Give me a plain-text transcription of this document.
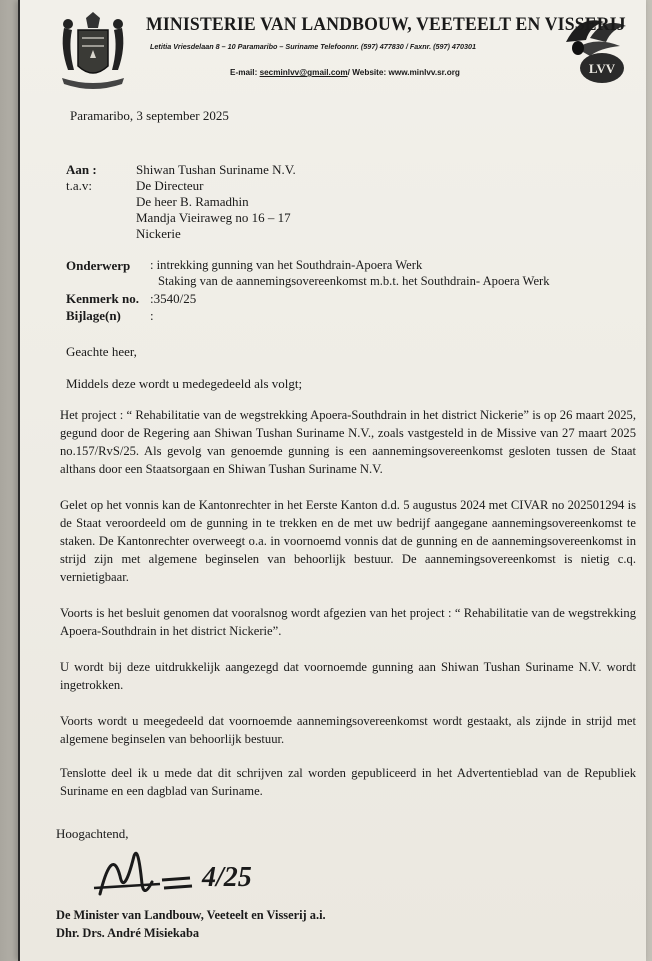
LVV
MINISTERIE VAN LANDBOUW, VEETEELT EN VISSERIJ
Letitia Vriesdelaan 8 – 10 Paramaribo – Suriname Telefoonnr. (597) 477830 / Faxnr. (597) 470301
E-mail: secminlvv@gmail.com/ Website: www.minlvv.sr.org
Paramaribo, 3 september 2025
Aan :	Shiwan Tushan Suriname N.V.
t.a.v:	De Directeur
De heer B. Ramadhin
Mandja Vieiraweg no 16 – 17
Nickerie
Onderwerp : intrekking gunning van het Southdrain-Apoera Werk
Staking van de aannemingsovereenkomst m.b.t. het Southdrain- Apoera Werk
Kenmerk no. :3540/25
Bijlage(n) :
Geachte heer,
Middels deze wordt u medegedeeld als volgt;
Het project : “ Rehabilitatie van de wegstrekking Apoera-Southdrain in het district Nickerie” is op 26 maart 2025, gegund door de Regering aan Shiwan Tushan Suriname N.V., zoals vastgesteld in de Missive van 27 maart 2025 no.157/RvS/25. Als gevolg van genoemde gunning is een aannemingsovereenkomst gesloten tussen de Staat althans door een Staatsorgaan en Shiwan Tushan Suriname N.V.
Gelet op het vonnis kan de Kantonrechter in het Eerste Kanton d.d. 5 augustus 2024 met CIVAR no 202501294 is de Staat veroordeeld om de gunning in te trekken en de met uw bedrijf aangegane aannemingsovereenkomst te staken. De Kantonrechter overweegt o.a. in voornoemd vonnis dat de gunning en de aannemingsovereenkomst in strijd zijn met algemene beginselen van behoorlijk bestuur. De aannemingsovereenkomst is nietig c.q. vernietigbaar.
Voorts is het besluit genomen dat vooralsnog wordt afgezien van het project : “ Rehabilitatie van de wegstrekking Apoera-Southdrain in het district Nickerie”.
U wordt bij deze uitdrukkelijk aangezegd dat voornoemde gunning aan Shiwan Tushan Suriname N.V. wordt ingetrokken.
Voorts wordt u meegedeeld dat voornoemde aannemingsovereenkomst wordt gestaakt, als zijnde in strijd met algemene beginselen van behoorlijk bestuur.
Tenslotte deel ik u mede dat dit schrijven zal worden gepubliceerd in het Advertentieblad van de Republiek Suriname en een dagblad van Suriname.
Hoogachtend,
4/25
De Minister van Landbouw, Veeteelt en Visserij a.i.
Dhr. Drs. André Misiekaba
